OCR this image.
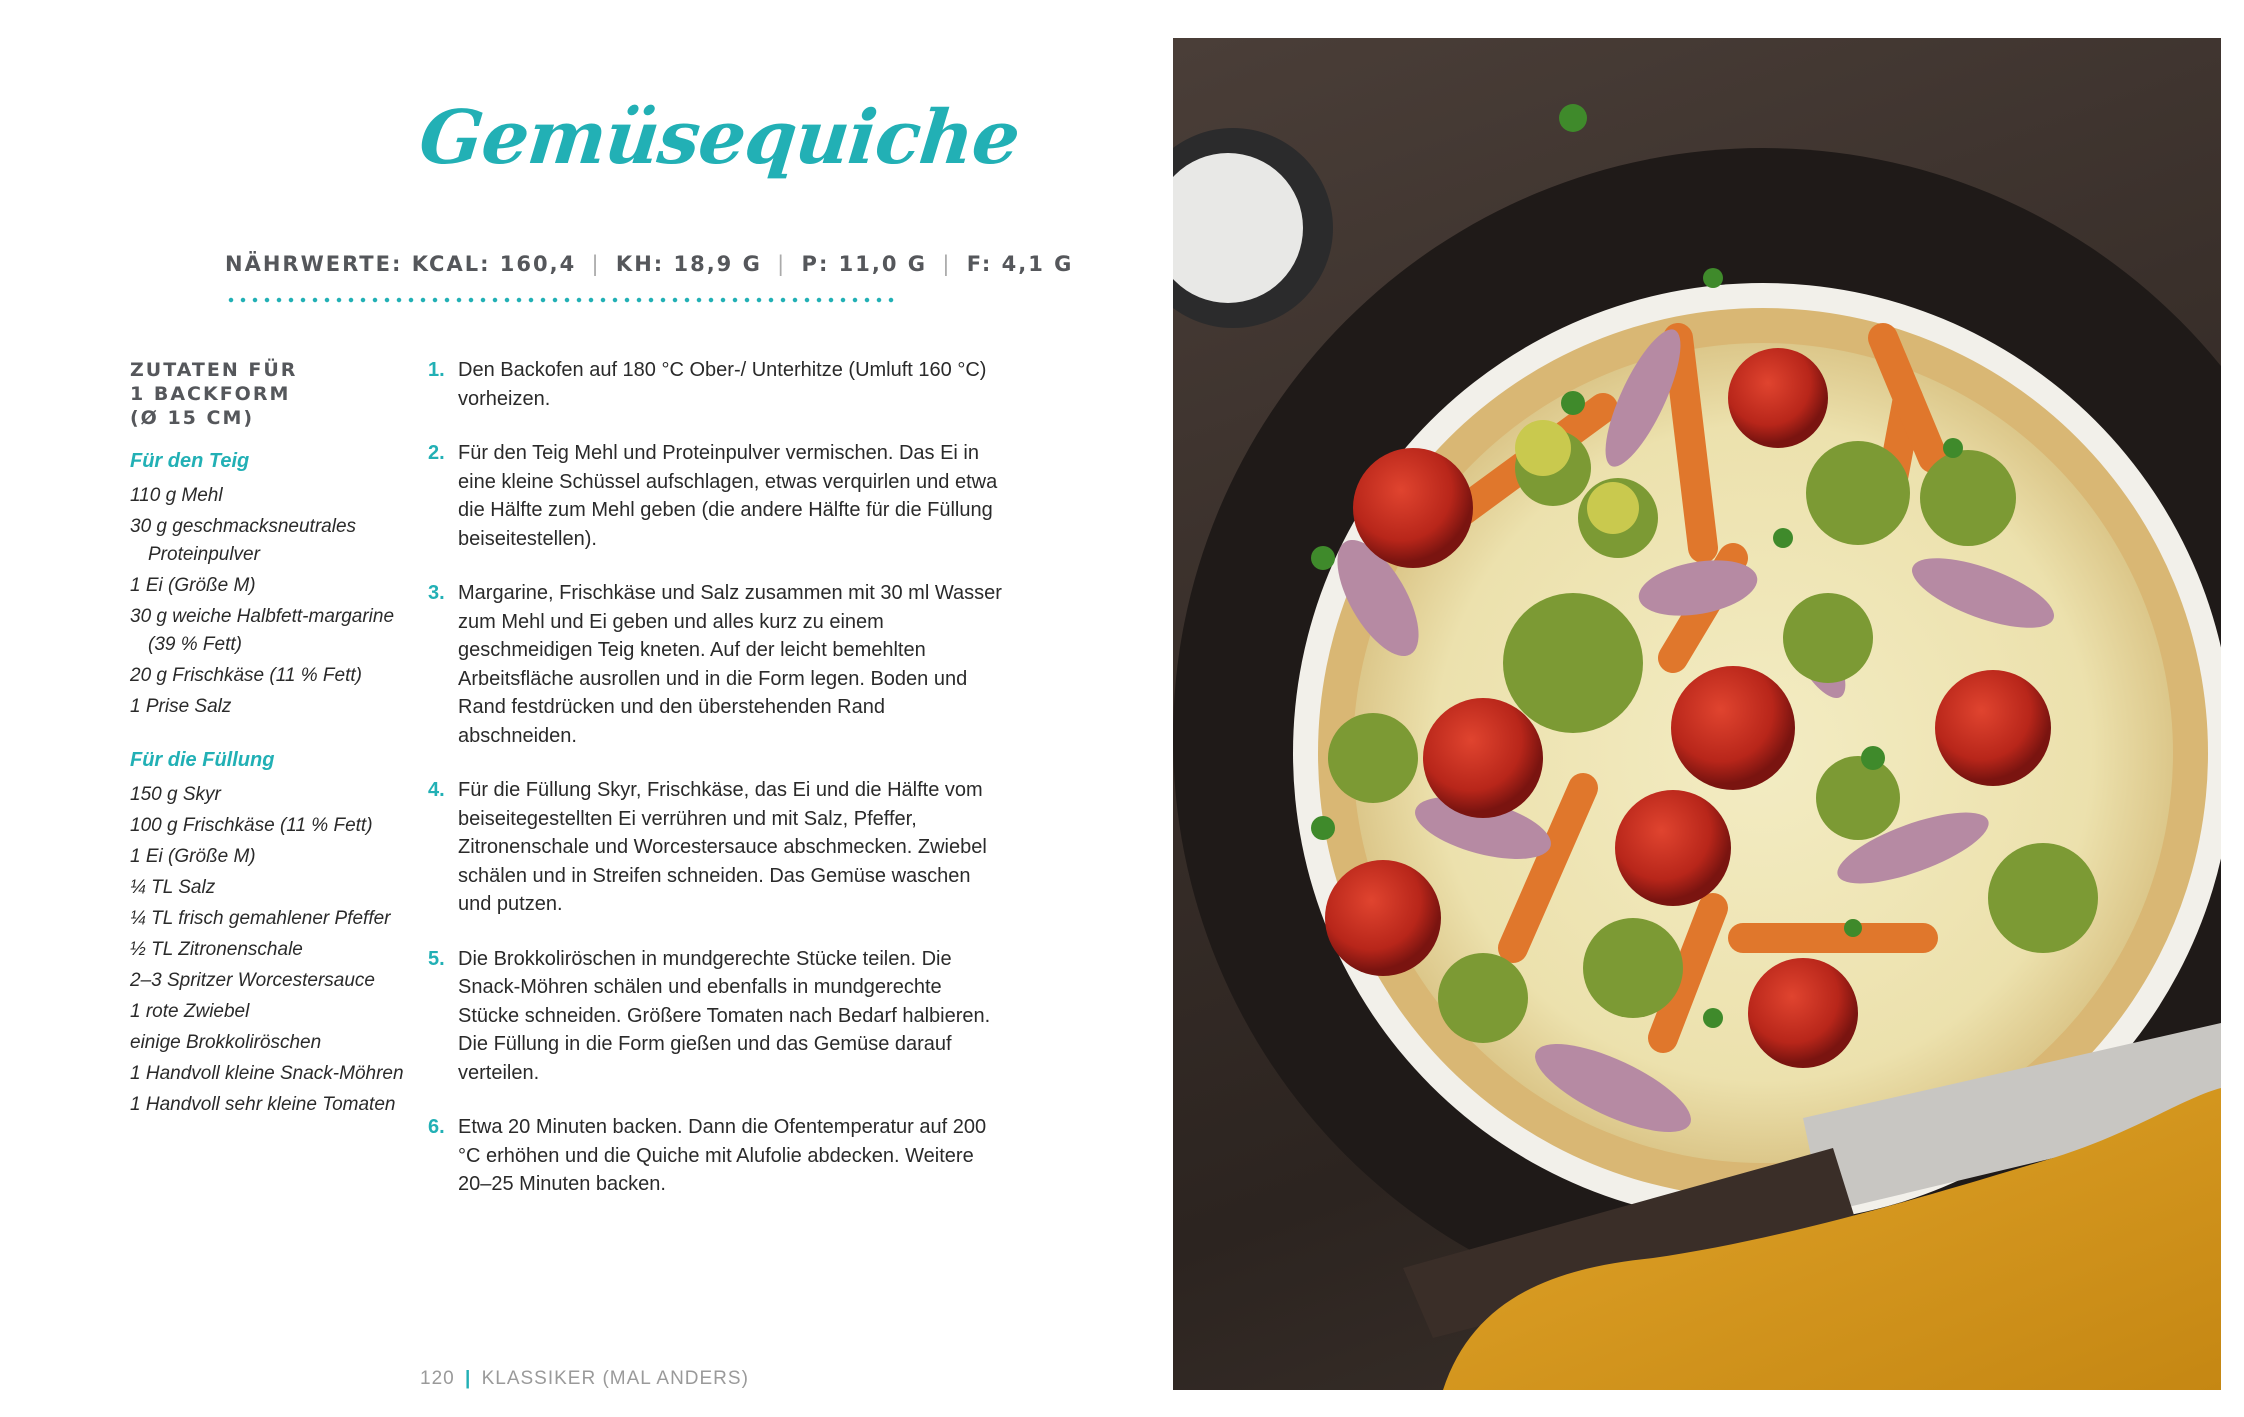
Gemüsequiche
NÄHRWERTE: KCAL: 160,4 | KH: 18,9 G | P: 11,0 G | F: 4,1 G
ZUTATEN FÜR
1 BACKFORM
(Ø 15 CM)
Für den Teig
110 g Mehl
30 g geschmacksneutrales Proteinpulver
1 Ei (Größe M)
30 g weiche Halbfett-margarine (39 % Fett)
20 g Frischkäse (11 % Fett)
1 Prise Salz
Für die Füllung
150 g Skyr
100 g Frischkäse (11 % Fett)
1 Ei (Größe M)
¼ TL Salz
¼ TL frisch gemahlener Pfeffer
½ TL Zitronenschale
2–3 Spritzer Worcestersauce
1 rote Zwiebel
einige Brokkoliröschen
1 Handvoll kleine Snack-Möhren
1 Handvoll sehr kleine Tomaten
1. Den Backofen auf 180 °C Ober-/ Unterhitze (Umluft 160 °C) vorheizen.
2. Für den Teig Mehl und Proteinpulver vermischen. Das Ei in eine kleine Schüssel aufschlagen, etwas verquirlen und etwa die Hälfte zum Mehl geben (die andere Hälfte für die Füllung beiseitestellen).
3. Margarine, Frischkäse und Salz zusammen mit 30 ml Wasser zum Mehl und Ei geben und alles kurz zu einem geschmeidigen Teig kneten. Auf der leicht bemehlten Arbeitsfläche ausrollen und in die Form legen. Boden und Rand festdrücken und den überstehenden Rand abschneiden.
4. Für die Füllung Skyr, Frischkäse, das Ei und die Hälfte vom beiseitegestellten Ei verrühren und mit Salz, Pfeffer, Zitronenschale und Worcestersauce abschmecken. Zwiebel schälen und in Streifen schneiden. Das Gemüse waschen und putzen.
5. Die Brokkoliröschen in mundgerechte Stücke teilen. Die Snack-Möhren schälen und ebenfalls in mundgerechte Stücke schneiden. Größere Tomaten nach Bedarf halbieren. Die Füllung in die Form gießen und das Gemüse darauf verteilen.
6. Etwa 20 Minuten backen. Dann die Ofentemperatur auf 200 °C erhöhen und die Quiche mit Alufolie abdecken. Weitere 20–25 Minuten backen.
120 | KLASSIKER (MAL ANDERS)
